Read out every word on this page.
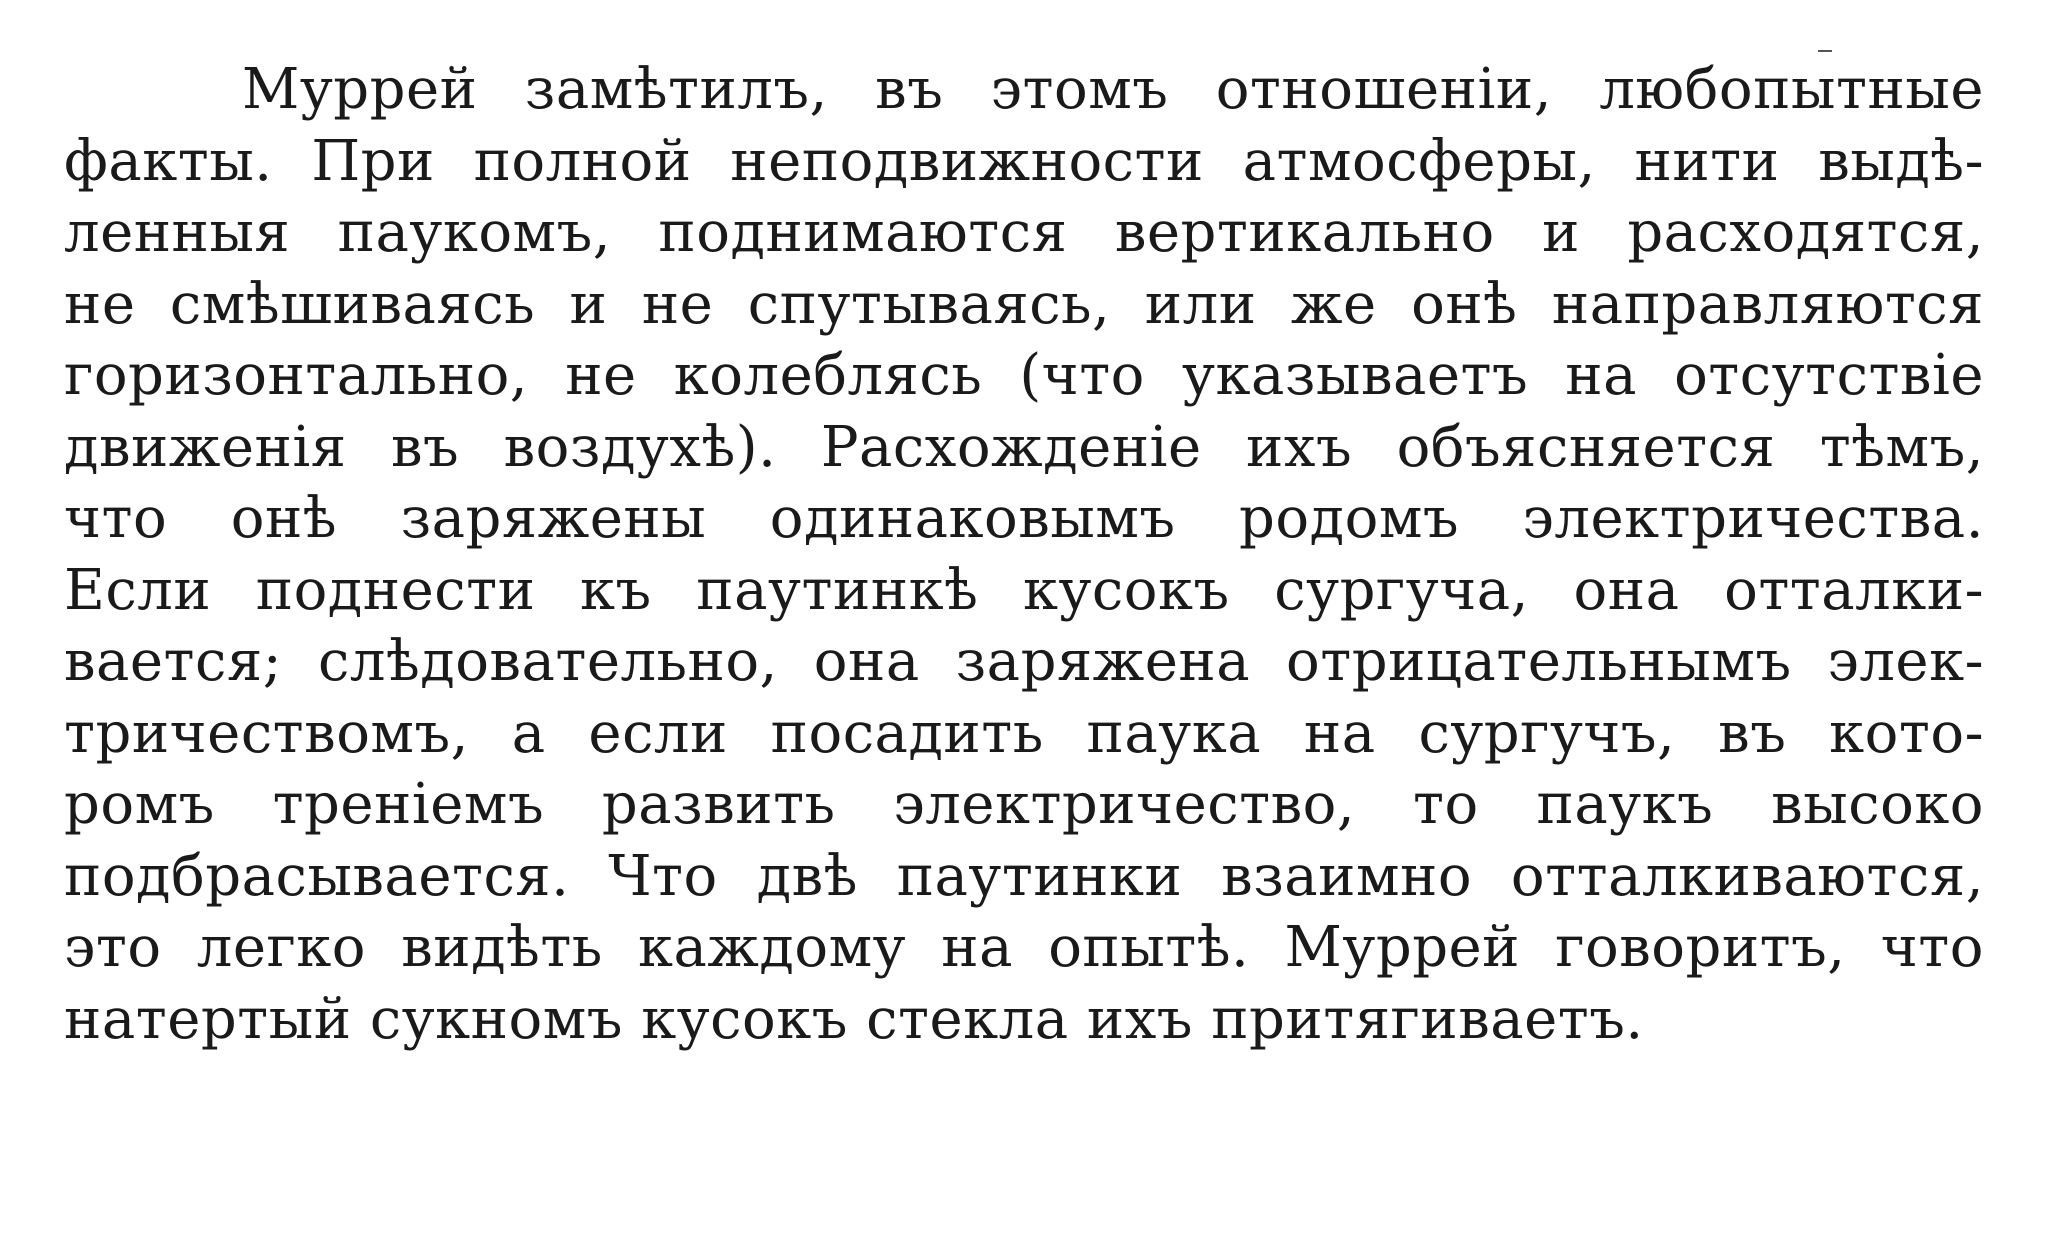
Муррей замѣтилъ, въ этомъ отношеніи, любопытные
факты. При полной неподвижности атмосферы, нити выдѣ-
ленныя паукомъ, поднимаются вертикально и расходятся,
не смѣшиваясь и не спутываясь, или же онѣ направляются
горизонтально, не колеблясь (что указываетъ на отсутствіе
движенія въ воздухѣ). Расхожденіе ихъ объясняется тѣмъ,
что онѣ заряжены одинаковымъ родомъ электричества.
Если поднести къ паутинкѣ кусокъ сургуча, она отталки-
вается; слѣдовательно, она заряжена отрицательнымъ элек-
тричествомъ, а если посадить паука на сургучъ, въ кото-
ромъ треніемъ развить электричество, то паукъ высоко
подбрасывается. Что двѣ паутинки взаимно отталкиваются,
это легко видѣть каждому на опытѣ. Муррей говоритъ, что
натертый сукномъ кусокъ стекла ихъ притягиваетъ.
